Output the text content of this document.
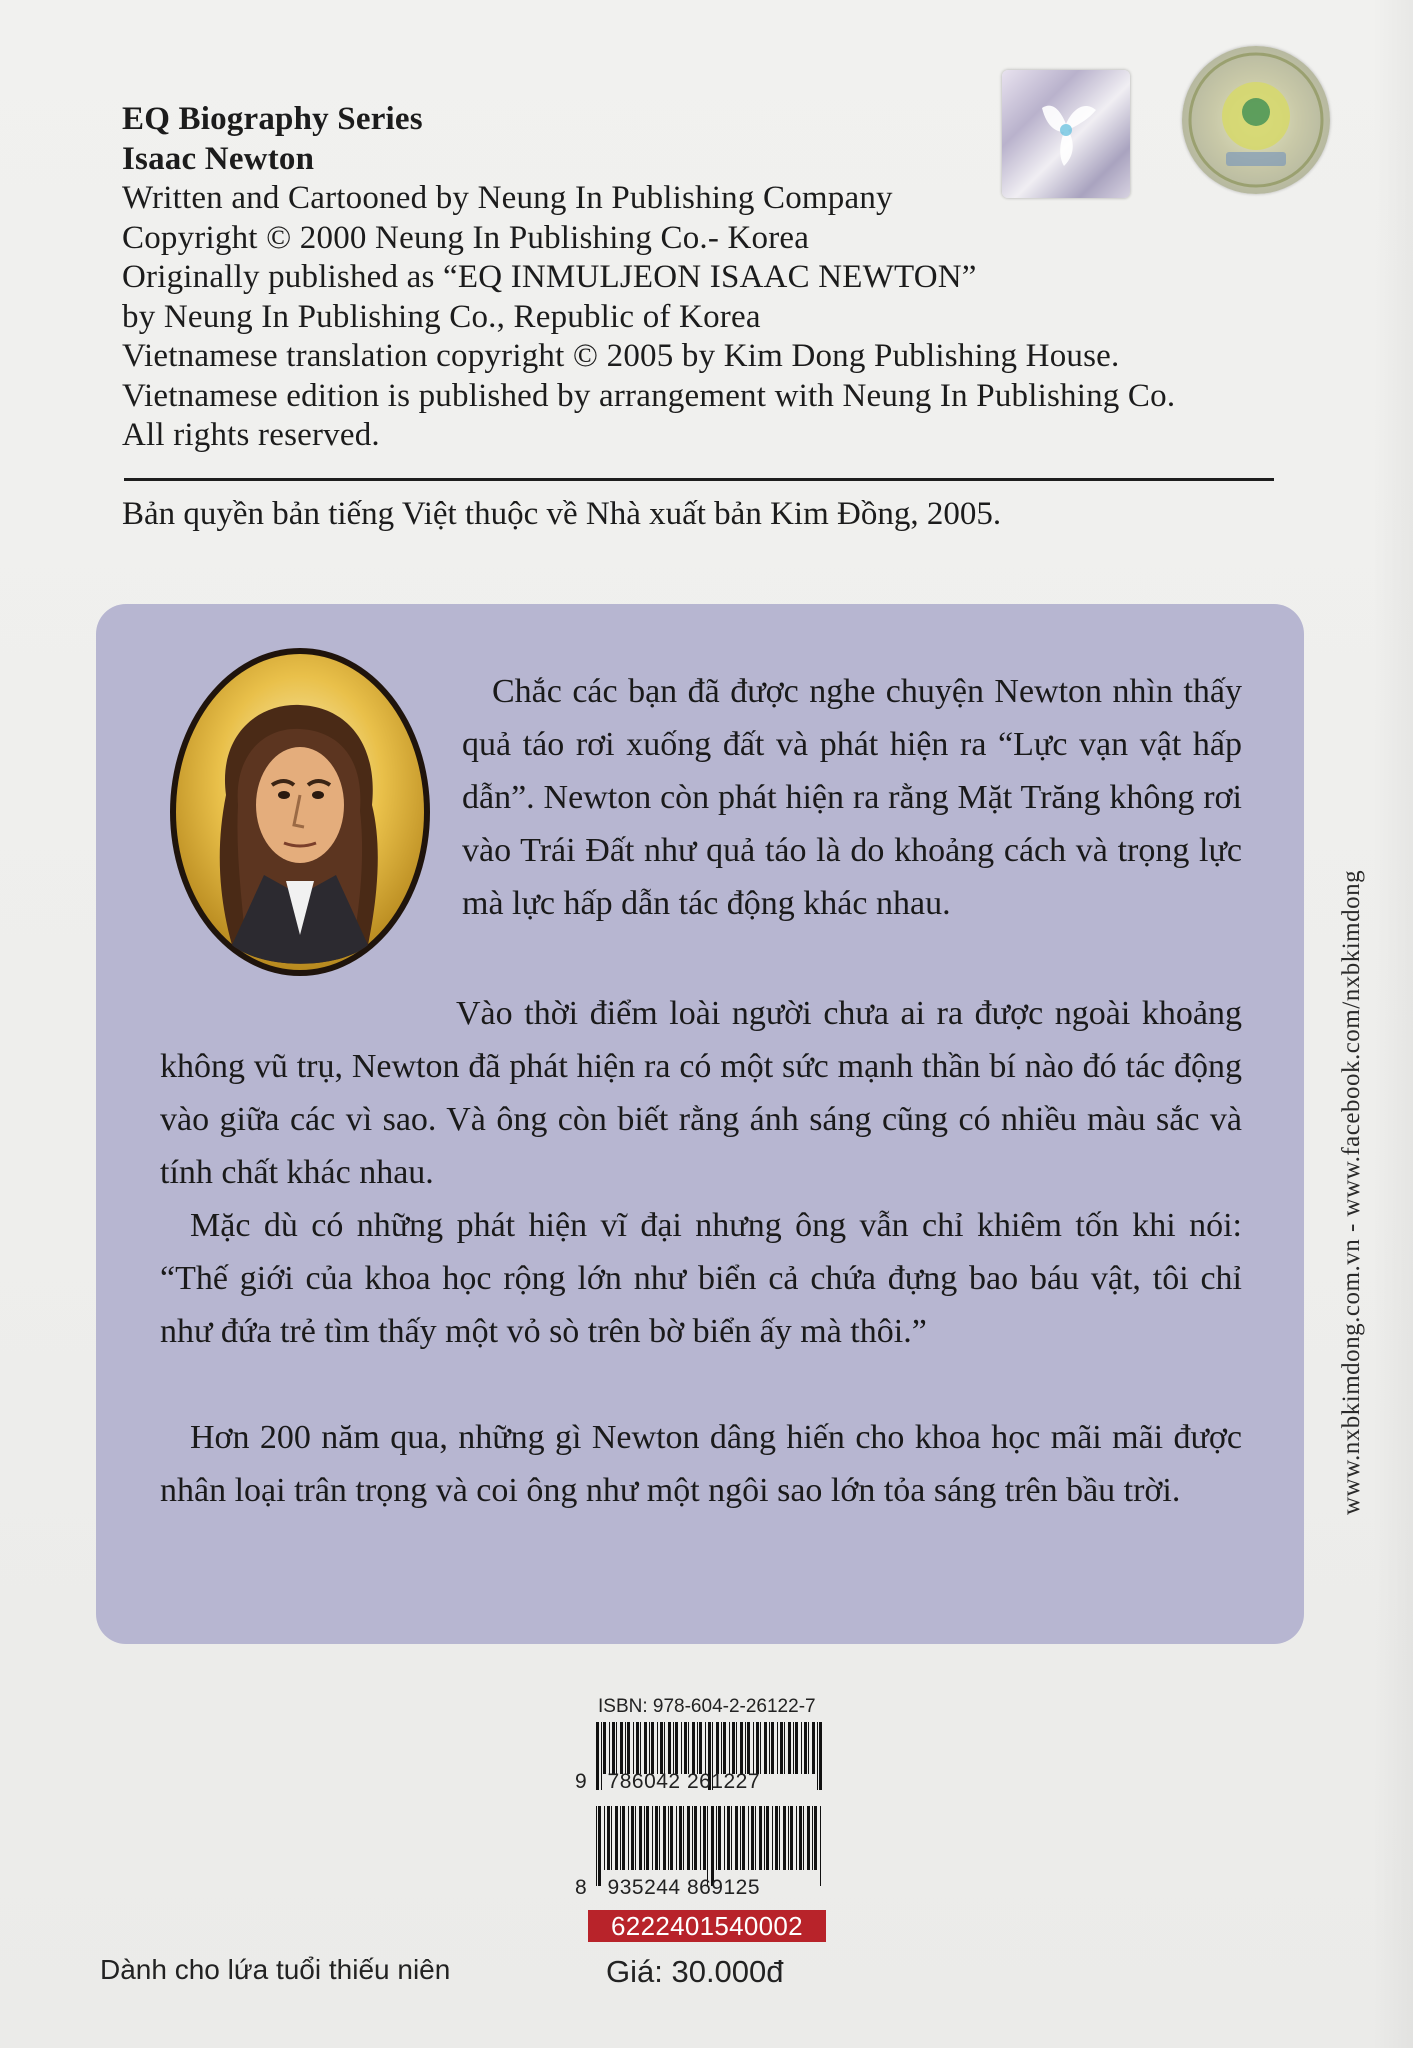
EQ Biography Series
Isaac Newton
Written and Cartooned by Neung In Publishing Company
Copyright © 2000 Neung In Publishing Co.- Korea
Originally published as “EQ INMULJEON ISAAC NEWTON”
by Neung In Publishing Co., Republic of Korea
Vietnamese translation copyright © 2005 by Kim Dong Publishing House.
Vietnamese edition is published by arrangement with Neung In Publishing Co.
All rights reserved.
Bản quyền bản tiếng Việt thuộc về Nhà xuất bản Kim Đồng, 2005.
Chắc các bạn đã được nghe chuyện Newton nhìn thấy quả táo rơi xuống đất và phát hiện ra “Lực vạn vật hấp dẫn”. Newton còn phát hiện ra rằng Mặt Trăng không rơi vào Trái Đất như quả táo là do khoảng cách và trọng lực mà lực hấp dẫn tác động khác nhau.
Vào thời điểm loài người chưa ai ra được ngoài khoảng không vũ trụ, Newton đã phát hiện ra có một sức mạnh thần bí nào đó tác động vào giữa các vì sao. Và ông còn biết rằng ánh sáng cũng có nhiều màu sắc và tính chất khác nhau.
Mặc dù có những phát hiện vĩ đại nhưng ông vẫn chỉ khiêm tốn khi nói: “Thế giới của khoa học rộng lớn như biển cả chứa đựng bao báu vật, tôi chỉ như đứa trẻ tìm thấy một vỏ sò trên bờ biển ấy mà thôi.”
Hơn 200 năm qua, những gì Newton dâng hiến cho khoa học mãi mãi được nhân loại trân trọng và coi ông như một ngôi sao lớn tỏa sáng trên bầu trời.	www.nxbkimdong.com.vn - www.facebook.com/nxbkimdong
ISBN: 978-604-2-26122-7
9 786042 261227
8 935244 869125
6222401540002
Dành cho lứa tuổi thiếu niên	Giá: 30.000đ
